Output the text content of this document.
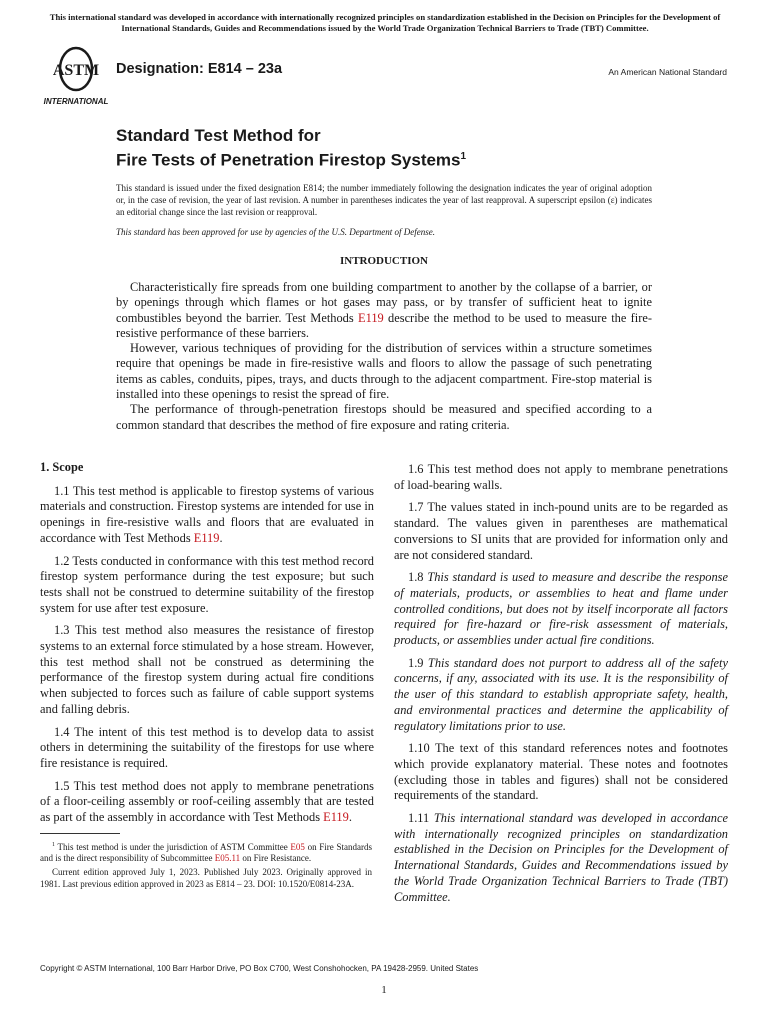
This international standard was developed in accordance with internationally recognized principles on standardization established in the Decision on Principles for the Development of International Standards, Guides and Recommendations issued by the World Trade Organization Technical Barriers to Trade (TBT) Committee.
ASTM
INTERNATIONAL
Designation: E814 – 23a	An American National Standard
Standard Test Method for
Fire Tests of Penetration Firestop Systems$^1$
This standard is issued under the fixed designation E814; the number immediately following the designation indicates the year of original adoption or, in the case of revision, the year of last revision. A number in parentheses indicates the year of last reapproval. A superscript epsilon (ε) indicates an editorial change since the last revision or reapproval.
This standard has been approved for use by agencies of the U.S. Department of Defense.
INTRODUCTION

Characteristically fire spreads from one building compartment to another by the collapse of a barrier, or by openings through which flames or hot gases may pass, or by transfer of sufficient heat to ignite combustibles beyond the barrier. Test Methods E119 describe the method to be used to measure the fire-resistive performance of these barriers.

However, various techniques of providing for the distribution of services within a structure sometimes require that openings be made in fire-resistive walls and floors to allow the passage of such penetrating items as cables, conduits, pipes, trays, and ducts through to the adjacent compartment. Fire-stop material is installed into these openings to resist the spread of fire.

The performance of through-penetration firestops should be measured and specified according to a common standard that describes the method of fire exposure and rating criteria.

1. Scope

1.1 This test method is applicable to firestop systems of various materials and construction. Firestop systems are intended for use in openings in fire-resistive walls and floors that are evaluated in accordance with Test Methods E119.

1.2 Tests conducted in conformance with this test method record firestop system performance during the test exposure; but such tests shall not be construed to determine suitability of the firestop system for use after test exposure.

1.3 This test method also measures the resistance of firestop systems to an external force stimulated by a hose stream. However, this test method shall not be construed as determining the performance of the firestop system during actual fire conditions when subjected to forces such as failure of cable support systems and falling debris.

1.4 The intent of this test method is to develop data to assist others in determining the suitability of the firestops for use where fire resistance is required.

1.5 This test method does not apply to membrane penetrations of a floor-ceiling assembly or roof-ceiling assembly that are tested as part of the assembly in accordance with Test Methods E119.

1.6 This test method does not apply to membrane penetrations of load-bearing walls.

1.7 The values stated in inch-pound units are to be regarded as standard. The values given in parentheses are mathematical conversions to SI units that are provided for information only and are not considered standard.

1.8 This standard is used to measure and describe the response of materials, products, or assemblies to heat and flame under controlled conditions, but does not by itself incorporate all factors required for fire-hazard or fire-risk assessment of materials, products, or assemblies under actual fire conditions.

1.9 This standard does not purport to address all of the safety concerns, if any, associated with its use. It is the responsibility of the user of this standard to establish appropriate safety, health, and environmental practices and determine the applicability of regulatory limitations prior to use.

1.10 The text of this standard references notes and footnotes which provide explanatory material. These notes and footnotes (excluding those in tables and figures) shall not be considered requirements of the standard.

1.11 This international standard was developed in accordance with internationally recognized principles on standardization established in the Decision on Principles for the Development of International Standards, Guides and Recommendations issued by the World Trade Organization Technical Barriers to Trade (TBT) Committee.

$^1$ This test method is under the jurisdiction of ASTM Committee E05 on Fire Standards and is the direct responsibility of Subcommittee E05.11 on Fire Resistance.

Current edition approved July 1, 2023. Published July 2023. Originally approved in 1981. Last previous edition approved in 2023 as E814 – 23. DOI: 10.1520/E0814-23A.

Copyright © ASTM International, 100 Barr Harbor Drive, PO Box C700, West Conshohocken, PA 19428-2959. United States
1
